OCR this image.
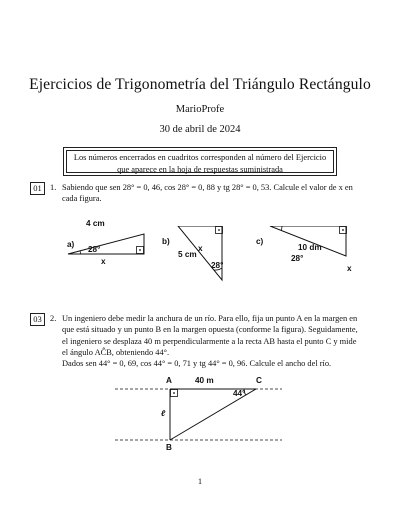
Ejercicios de Trigonometría del Triángulo Rectángulo
MarioProfe
30 de abril de 2024
Los números encerrados en cuadritos corresponden al número del Ejercicio
que aparece en la hoja de respuestas suministrada
01 1. Sabiendo que sen 28° = 0, 46, cos 28° = 0, 88 y tg 28° = 0, 53. Calcule el valor de x en
cada figura.
a)
4 cm
28°
x
b)
x
5 cm
28°
c)
10 dm
28°
x
03 2. Un ingeniero debe medir la anchura de un río. Para ello, fija un punto A en la margen en
que está situado y un punto B en la margen opuesta (conforme la figura). Seguidamente,
el ingeniero se desplaza 40 m perpendicularmente a la recta AB hasta el punto C y mide
el ángulo AĈB, obteniendo 44°.
Dados sen 44° = 0, 69, cos 44° = 0, 71 y tg 44° = 0, 96. Calcule el ancho del río.
A	40 m	C
44°
ℓ
B
1
